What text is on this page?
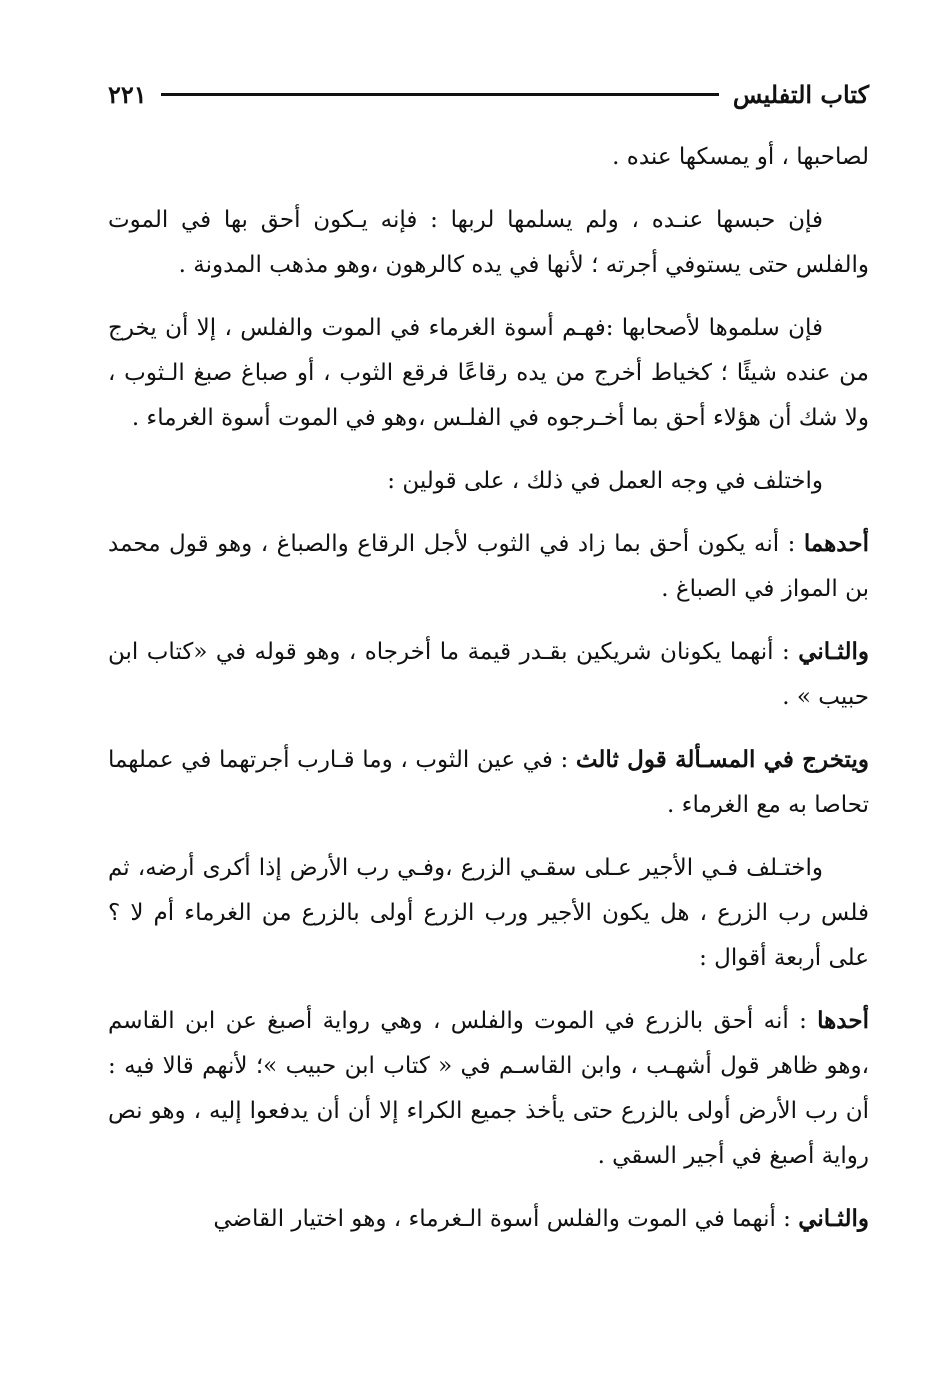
كتاب التفليس
٢٢١

لصاحبها ، أو يمسكها عنده .

فإن حبسها عنـده ، ولم يسلمها لربها : فإنه يـكون أحق بها في الموت والفلس حتى يستوفي أجرته ؛ لأنها في يده كالرهون ،وهو مذهب المدونة .

فإن سلموها لأصحابها :فهـم أسوة الغرماء في الموت والفلس ، إلا أن يخرج من عنده شيئًا ؛ كخياط أخرج من يده رقاعًا فرقع الثوب ، أو صباغ صبغ الـثوب ، ولا شك أن هؤلاء أحق بما أخـرجوه في الفلـس ،وهو في الموت أسوة الغرماء .

واختلف في وجه العمل في ذلك ، على قولين :

أحدهما : أنه يكون أحق بما زاد في الثوب لأجل الرقاع والصباغ ، وهو قول محمد بن المواز في الصباغ .

والثـاني : أنهما يكونان شريكين بقـدر قيمة ما أخرجاه ، وهو قوله في «كتاب ابن حبيب » .

ويتخرج في المسـألة قول ثالث : في عين الثوب ، وما قـارب أجرتهما في عملهما تحاصا به مع الغرماء .

واختـلف فـي الأجير عـلى سقـي الزرع ،وفـي رب الأرض إذا أكرى أرضه، ثم فلس رب الزرع ، هل يكون الأجير ورب الزرع أولى بالزرع من الغرماء أم لا ؟ على أربعة أقوال :

أحدها : أنه أحق بالزرع في الموت والفلس ، وهي رواية أصبغ عن ابن القاسم ،وهو ظاهر قول أشهـب ، وابن القاسـم في « كتاب ابن حبيب »؛ لأنهم قالا فيه : أن رب الأرض أولى بالزرع حتى يأخذ جميع الكراء إلا أن أن يدفعوا إليه ، وهو نص رواية أصبغ في أجير السقي .

والثـاني : أنهما في الموت والفلس أسوة الـغرماء ، وهو اختيار القاضي
